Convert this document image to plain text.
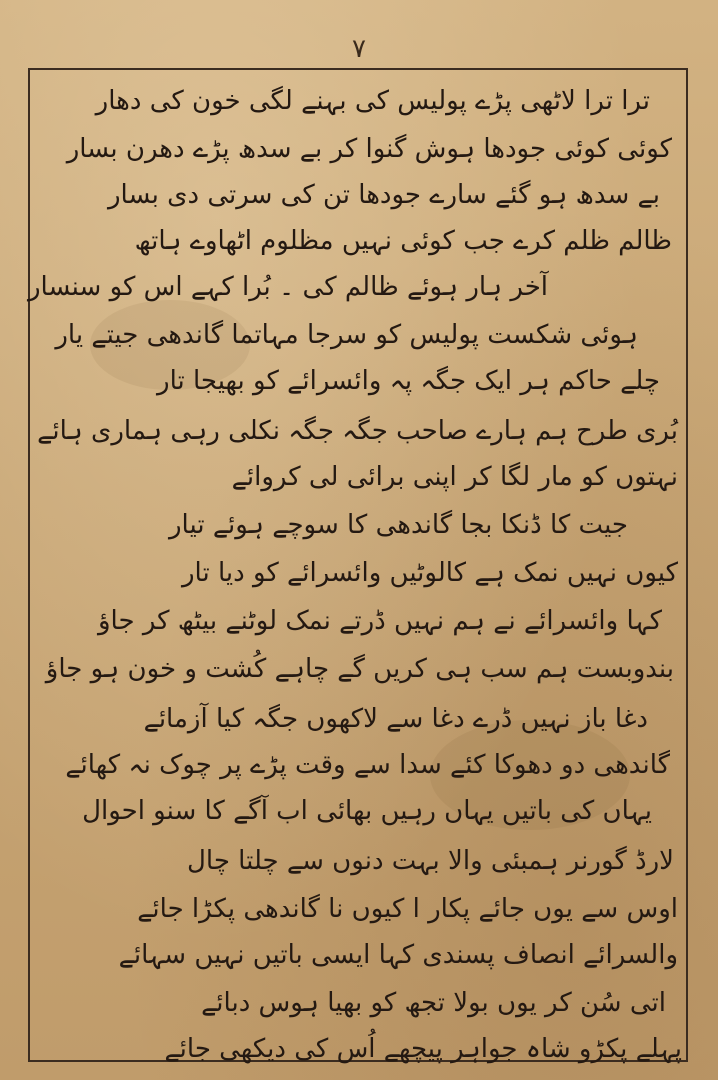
۷
ترا ترا لاٹھی پڑے پولیس کی بہنے لگی خون کی دھار
کوئی کوئی جودھا ہوش گنوا کر بے سدھ پڑے دھرن بسار
بے سدھ ہو گئے سارے جودھا تن کی سرتی دی بسار
ظالم ظلم کرے جب کوئی نہیں مظلوم اٹھاوے ہاتھ
آخر ہار ہوئے ظالم کی ۔ بُرا کہے اس کو سنسار
ہوئی شکست پولیس کو سرجا مہاتما گاندھی جیتے یار
چلے حاکم ہر ایک جگہ پہ وائسرائے کو بھیجا تار
بُری طرح ہم ہارے صاحب جگہ جگہ نکلی رہی ہماری ہائے
نہتوں کو مار لگا کر اپنی برائی لی کروائے
جیت کا ڈنکا بجا گاندھی کا سوچے ہوئے تیار
کیوں نہیں نمک ہے کالوٹیں وائسرائے کو دیا تار
کہا وائسرائے نے ہم نہیں ڈرتے نمک لوٹنے بیٹھ کر جاؤ
بندوبست ہم سب ہی کریں گے چاہے کُشت و خون ہو جاؤ
دغا باز نہیں ڈرے دغا سے لاکھوں جگہ کیا آزمائے
گاندھی دو دھوکا کئے سدا سے وقت پڑے پر چوک نہ کھائے
یہاں کی باتیں یہاں رہیں بھائی اب آگے کا سنو احوال
لارڈ گورنر ہمبئی والا بہت دنوں سے چلتا چال
اوس سے یوں جائے پکار ا کیوں نا گاندھی پکڑا جائے
والسرائے انصاف پسندی کہا ایسی باتیں نہیں سہائے
اتی سُن کر یوں بولا تجھ کو بھیا ہوس دبائے
پہلے پکڑو شاہ جواہر پیچھے اُس کی دیکھی جائے
